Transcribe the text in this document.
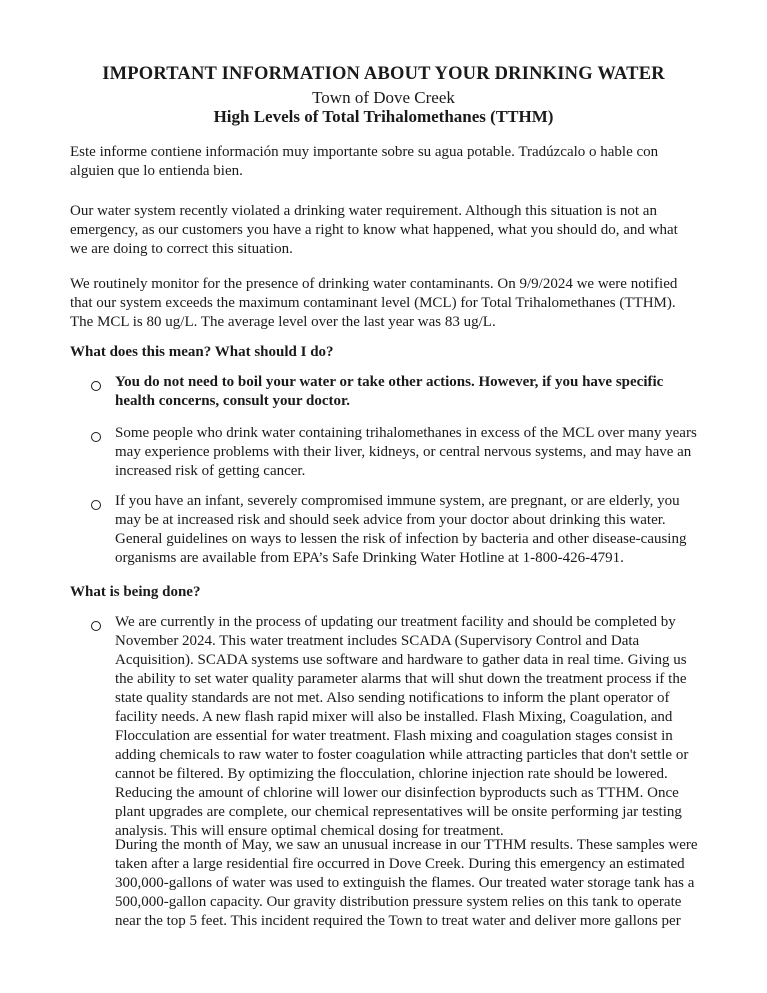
IMPORTANT INFORMATION ABOUT YOUR DRINKING WATER
Town of Dove Creek
High Levels of Total Trihalomethanes (TTHM)

Este informe contiene información muy importante sobre su agua potable. Tradúzcalo o hable con alguien que lo entienda bien.

Our water system recently violated a drinking water requirement. Although this situation is not an emergency, as our customers you have a right to know what happened, what you should do, and what we are doing to correct this situation.

We routinely monitor for the presence of drinking water contaminants. On 9/9/2024 we were notified that our system exceeds the maximum contaminant level (MCL) for Total Trihalomethanes (TTHM). The MCL is 80 ug/L. The average level over the last year was 83 ug/L.

What does this mean? What should I do?

You do not need to boil your water or take other actions. However, if you have specific health concerns, consult your doctor.

Some people who drink water containing trihalomethanes in excess of the MCL over many years may experience problems with their liver, kidneys, or central nervous systems, and may have an increased risk of getting cancer.

If you have an infant, severely compromised immune system, are pregnant, or are elderly, you may be at increased risk and should seek advice from your doctor about drinking this water. General guidelines on ways to lessen the risk of infection by bacteria and other disease-causing organisms are available from EPA’s Safe Drinking Water Hotline at 1-800-426-4791.

What is being done?

We are currently in the process of updating our treatment facility and should be completed by November 2024. This water treatment includes SCADA (Supervisory Control and Data Acquisition). SCADA systems use software and hardware to gather data in real time. Giving us the ability to set water quality parameter alarms that will shut down the treatment process if the state quality standards are not met. Also sending notifications to inform the plant operator of facility needs. A new flash rapid mixer will also be installed. Flash Mixing, Coagulation, and Flocculation are essential for water treatment. Flash mixing and coagulation stages consist in adding chemicals to raw water to foster coagulation while attracting particles that don't settle or cannot be filtered. By optimizing the flocculation, chlorine injection rate should be lowered. Reducing the amount of chlorine will lower our disinfection byproducts such as TTHM. Once plant upgrades are complete, our chemical representatives will be onsite performing jar testing analysis. This will ensure optimal chemical dosing for treatment.

During the month of May, we saw an unusual increase in our TTHM results. These samples were taken after a large residential fire occurred in Dove Creek. During this emergency an estimated 300,000-gallons of water was used to extinguish the flames. Our treated water storage tank has a 500,000-gallon capacity. Our gravity distribution pressure system relies on this tank to operate near the top 5 feet. This incident required the Town to treat water and deliver more gallons per
